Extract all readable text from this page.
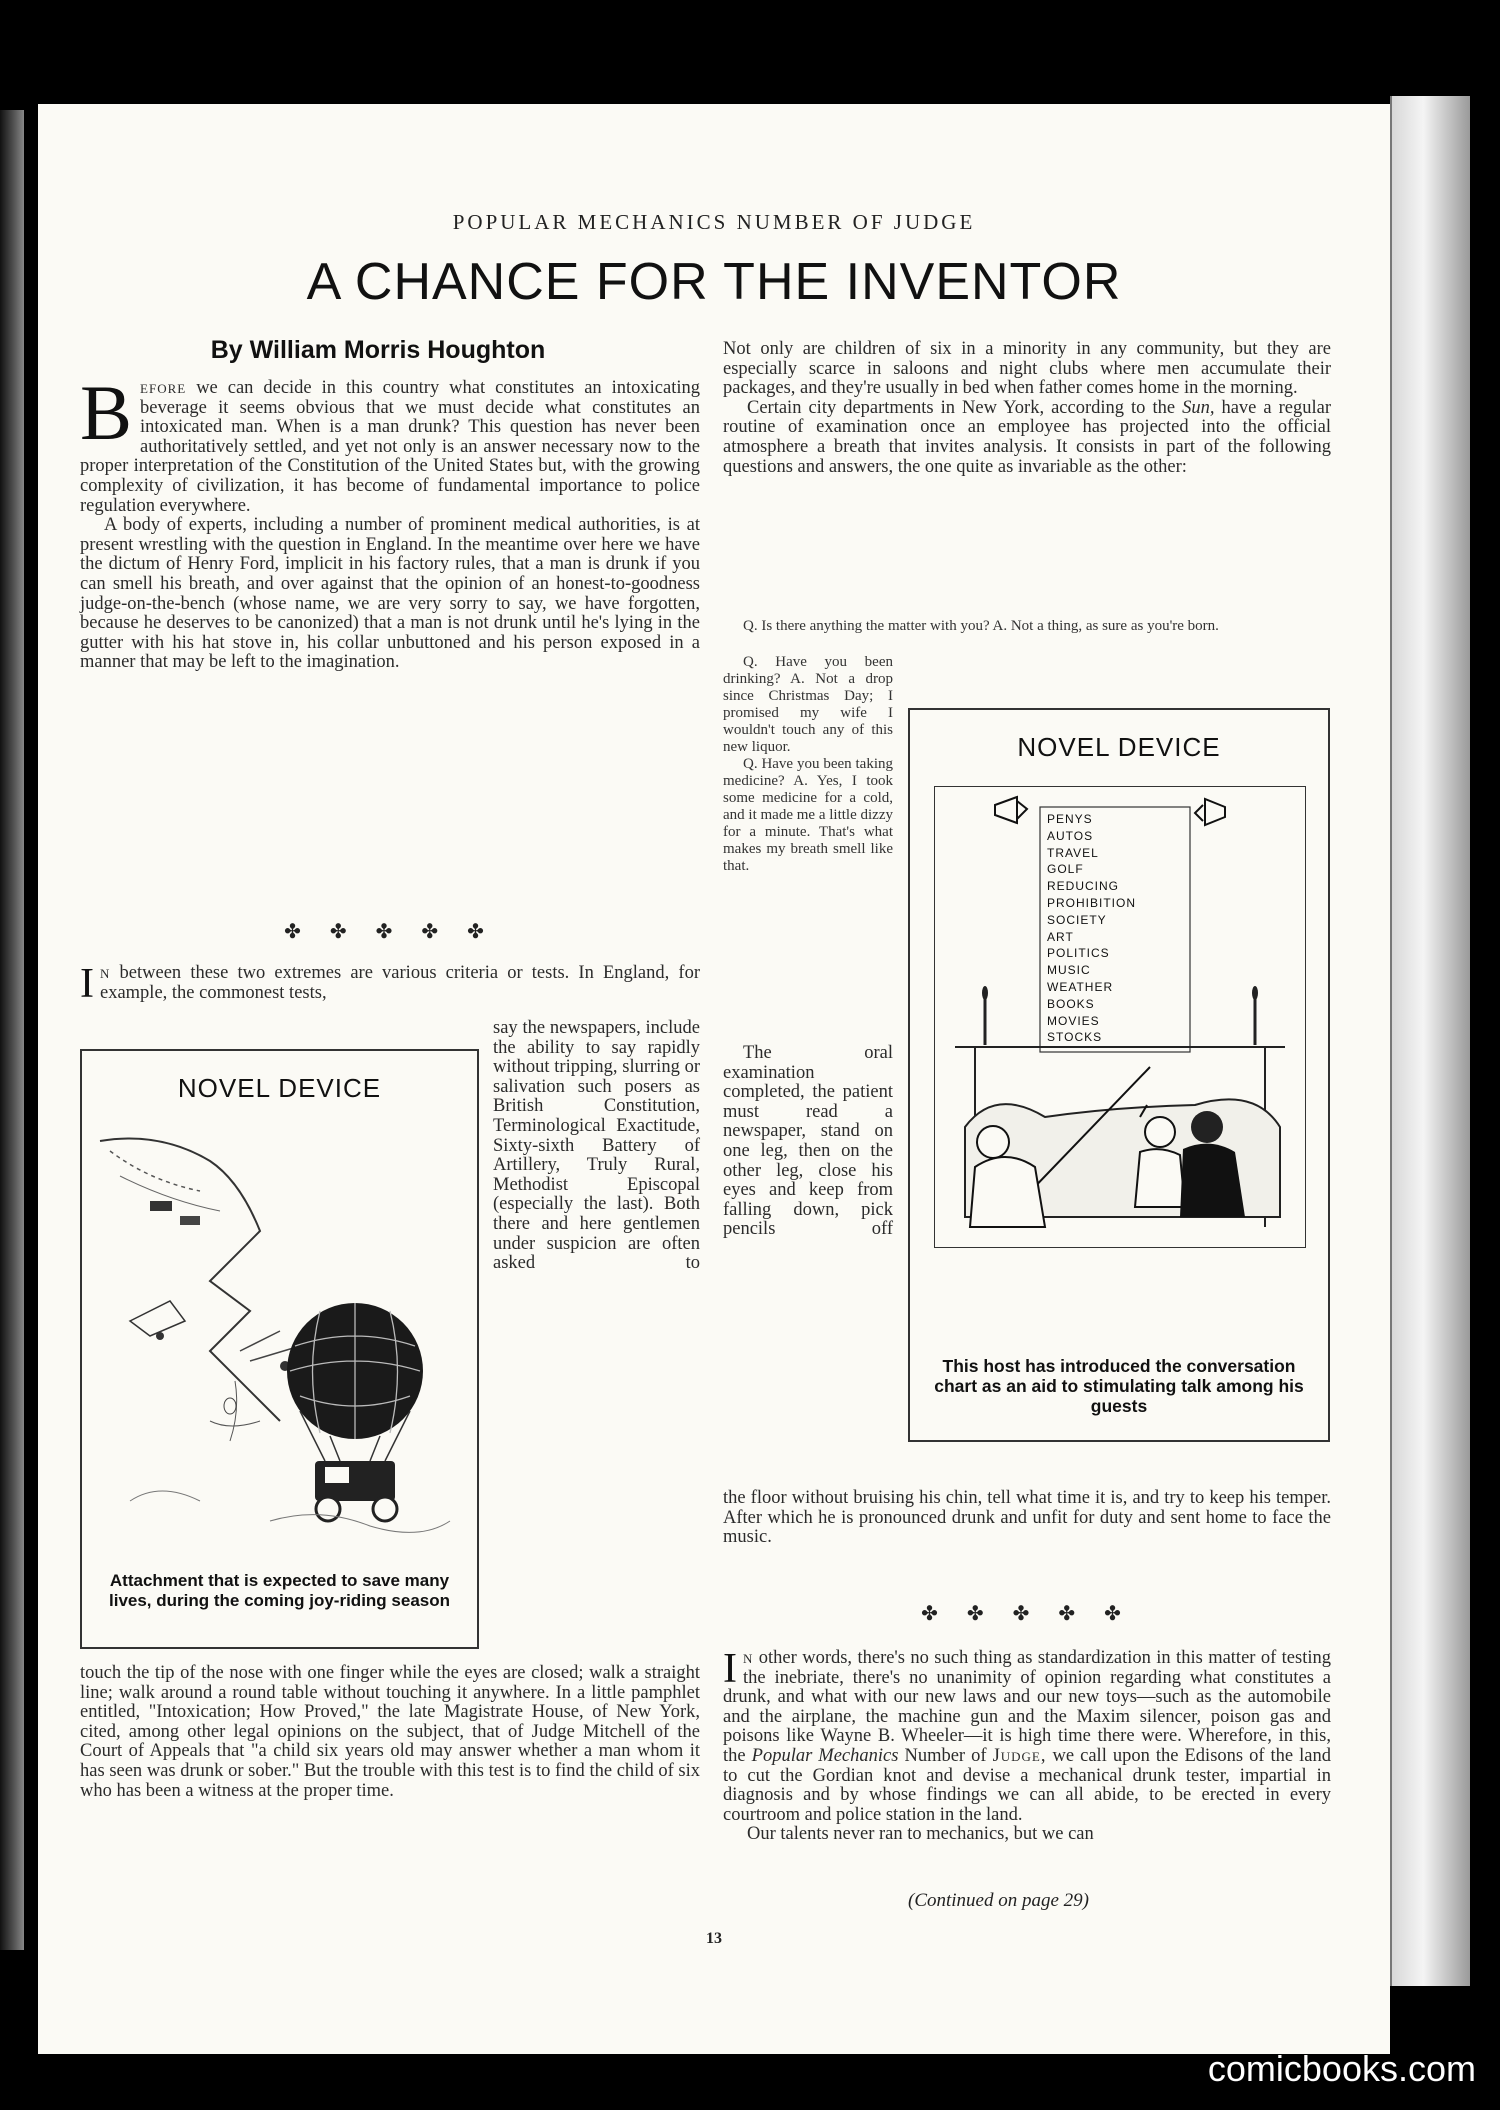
POPULAR MECHANICS NUMBER OF JUDGE
A CHANCE FOR THE INVENTOR
By William Morris Houghton

Before we can decide in this country what constitutes an intoxicating beverage it seems obvious that we must decide what constitutes an intoxicated man. When is a man drunk? This question has never been authoritatively settled, and yet not only is an answer necessary now to the proper interpretation of the Constitution of the United States but, with the growing complexity of civilization, it has become of fundamental importance to police regulation everywhere.

A body of experts, including a number of prominent medical authorities, is at present wrestling with the question in England. In the meantime over here we have the dictum of Henry Ford, implicit in his factory rules, that a man is drunk if you can smell his breath, and over against that the opinion of an honest-to-goodness judge-on-the-bench (whose name, we are very sorry to say, we have forgotten, because he deserves to be canonized) that a man is not drunk until he's lying in the gutter with his hat stove in, his collar unbuttoned and his person exposed in a manner that may be left to the imagination.

✤ ✤ ✤ ✤ ✤

In between these two extremes are various criteria or tests. In England, for example, the commonest tests,

NOVEL DEVICE
Attachment that is expected to save many lives, during the coming joy-riding season

say the newspapers, include the ability to say rapidly without tripping, slurring or salivation such posers as British Constitution, Terminological Exactitude, Sixty-sixth Battery of Artillery, Truly Rural, Methodist Episcopal (especially the last). Both there and here gentlemen under suspicion are often asked to

touch the tip of the nose with one finger while the eyes are closed; walk a straight line; walk around a round table without touching it anywhere. In a little pamphlet entitled, "Intoxication; How Proved," the late Magistrate House, of New York, cited, among other legal opinions on the subject, that of Judge Mitchell of the Court of Appeals that "a child six years old may answer whether a man whom it has seen was drunk or sober." But the trouble with this test is to find the child of six who has been a witness at the proper time.

Not only are children of six in a minority in any community, but they are especially scarce in saloons and night clubs where men accumulate their packages, and they're usually in bed when father comes home in the morning.

Certain city departments in New York, according to the Sun, have a regular routine of examination once an employee has projected into the official atmosphere a breath that invites analysis. It consists in part of the following questions and answers, the one quite as invariable as the other:

Q. Is there anything the matter with you? A. Not a thing, as sure as you're born.

Q. Have you been drinking? A. Not a drop since Christmas Day; I promised my wife I wouldn't touch any of this new liquor.

Q. Have you been taking medicine? A. Yes, I took some medicine for a cold, and it made me a little dizzy for a minute. That's what makes my breath smell like that.

The oral examination completed, the patient must read a newspaper, stand on one leg, then on the other leg, close his eyes and keep from falling down, pick pencils off

NOVEL DEVICE
PENYS
AUTOS
TRAVEL
GOLF
REDUCING
PROHIBITION
SOCIETY
ART
POLITICS
MUSIC
WEATHER
BOOKS
MOVIES
STOCKS
This host has introduced the conversation chart as an aid to stimulating talk among his guests

the floor without bruising his chin, tell what time it is, and try to keep his temper. After which he is pronounced drunk and unfit for duty and sent home to face the music.

✤ ✤ ✤ ✤ ✤

In other words, there's no such thing as standardization in this matter of testing the inebriate, there's no unanimity of opinion regarding what constitutes a drunk, and what with our new laws and our new toys—such as the automobile and the airplane, the machine gun and the Maxim silencer, poison gas and poisons like Wayne B. Wheeler—it is high time there were. Wherefore, in this, the Popular Mechanics Number of Judge, we call upon the Edisons of the land to cut the Gordian knot and devise a mechanical drunk tester, impartial in diagnosis and by whose findings we can all abide, to be erected in every courtroom and police station in the land.

Our talents never ran to mechanics, but we can

(Continued on page 29)
13
comicbooks.com
